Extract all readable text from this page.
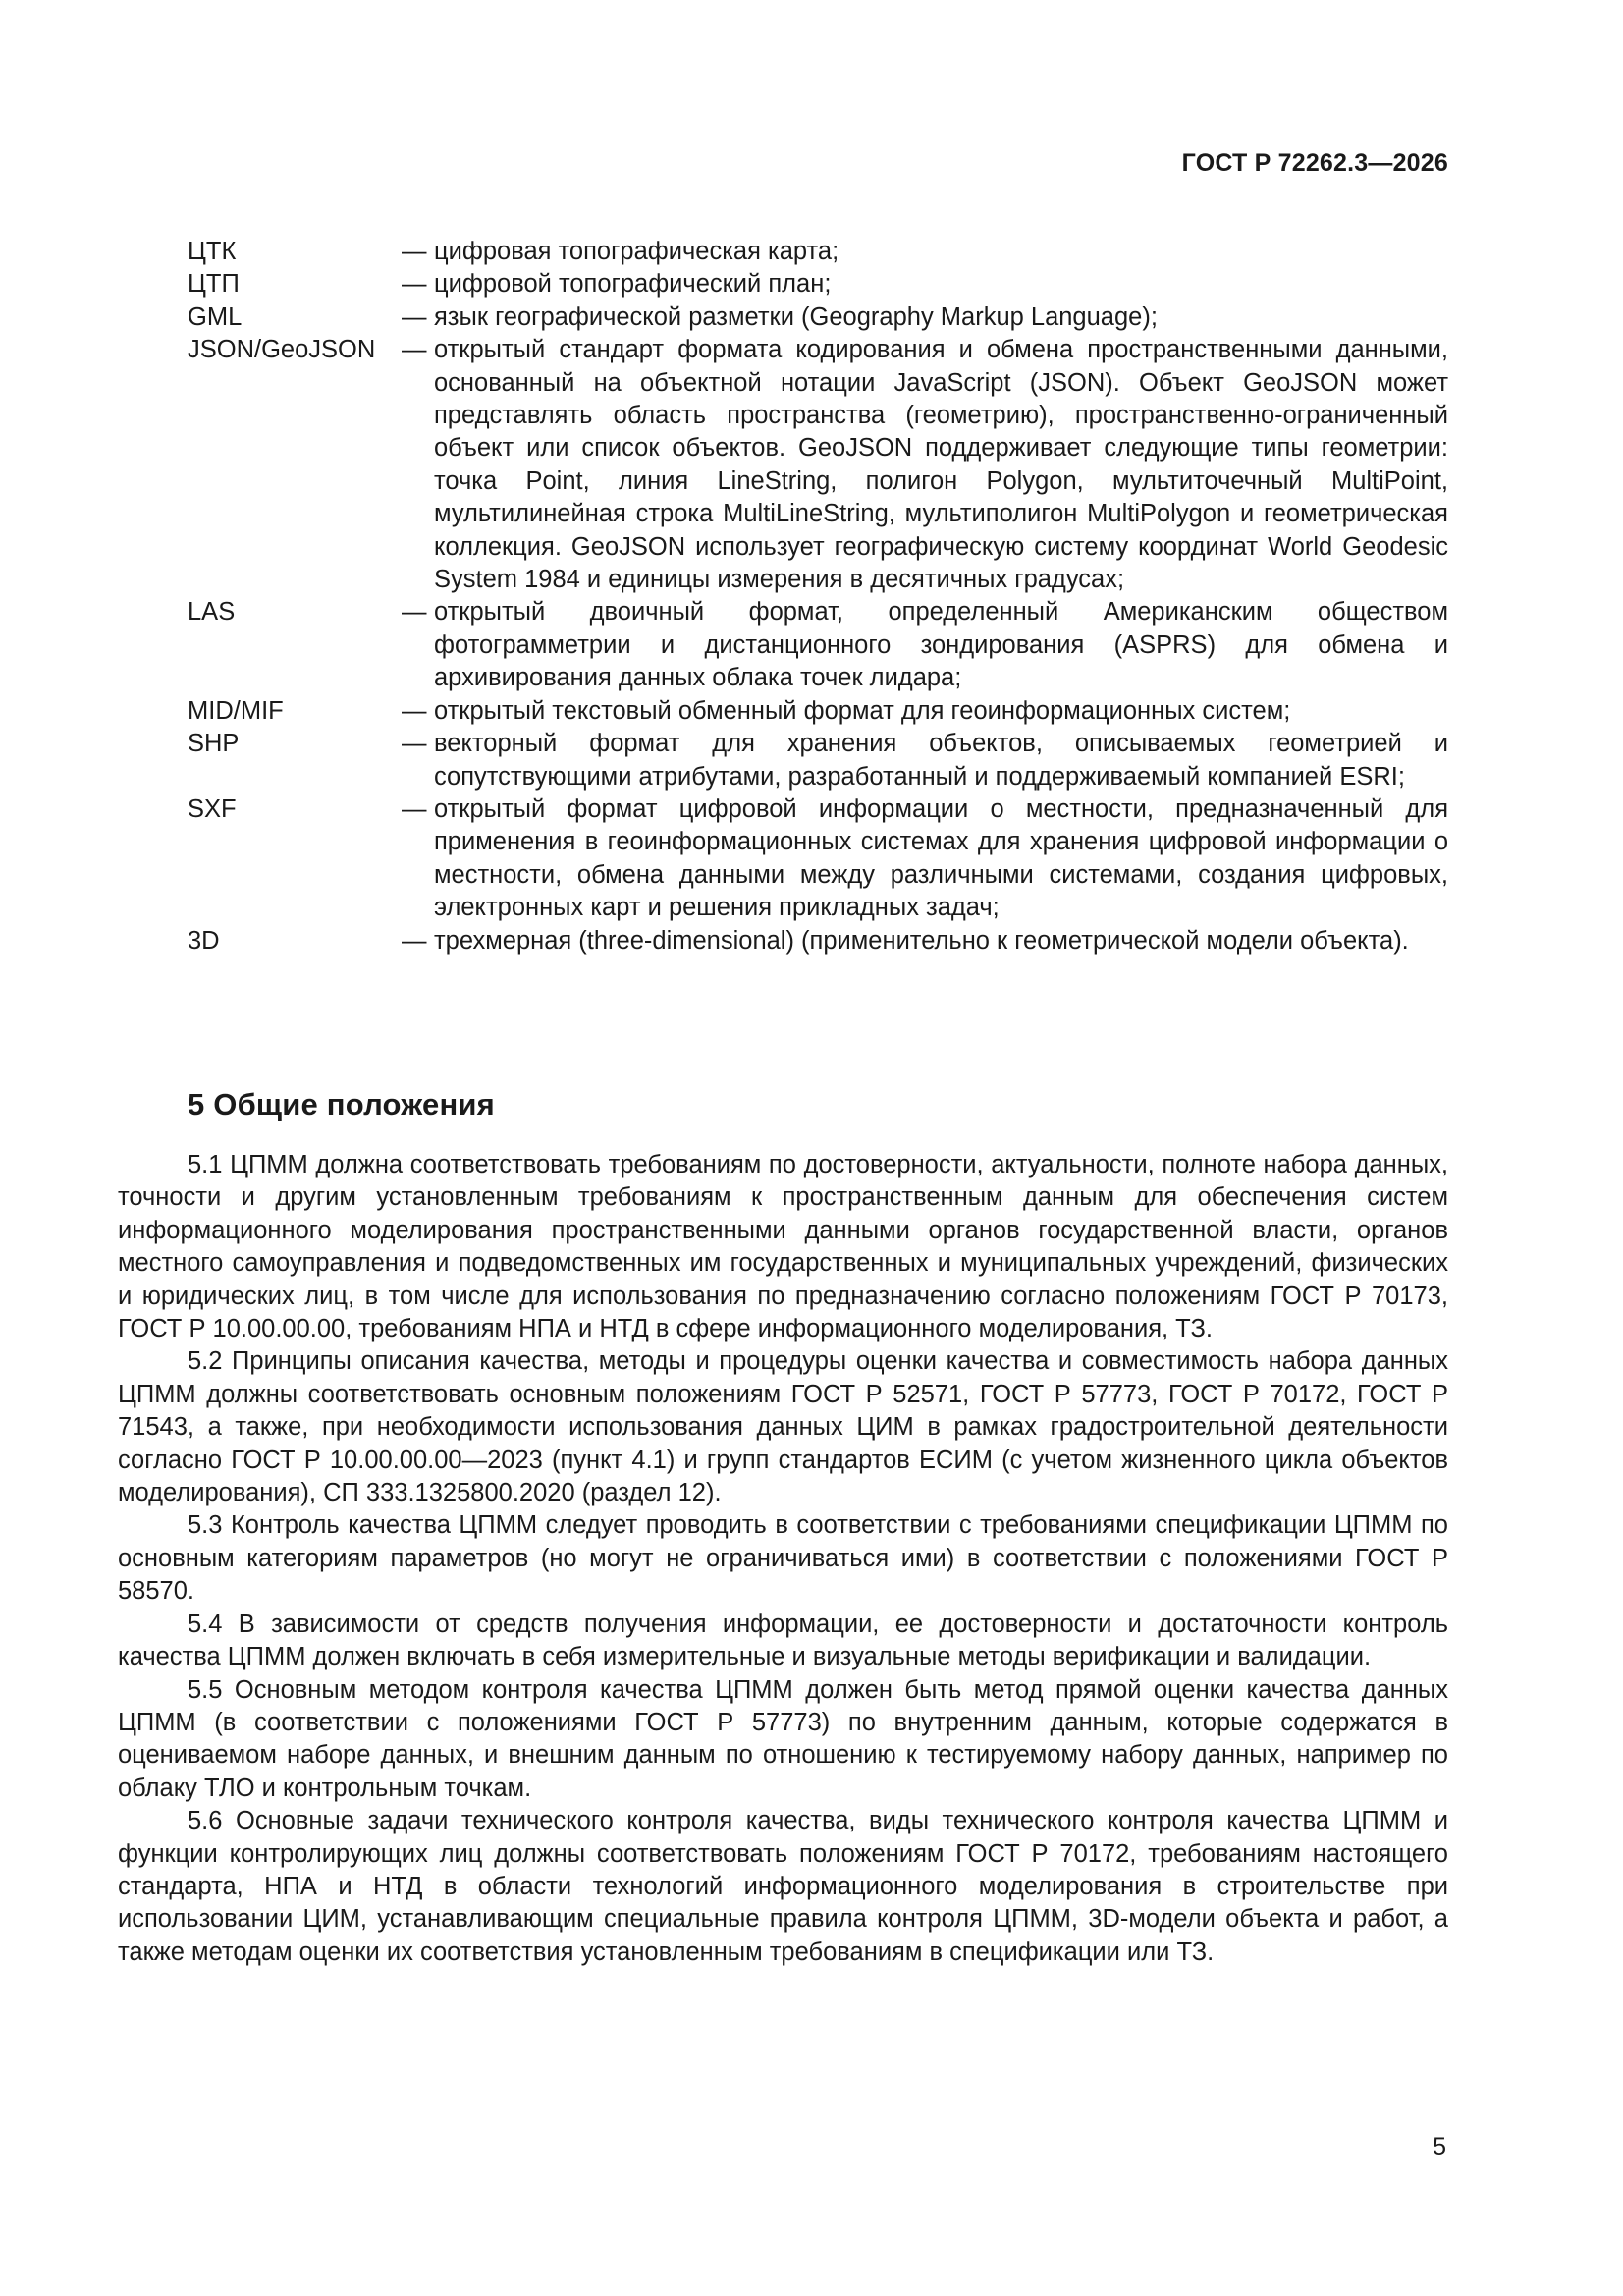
ГОСТ Р 72262.3—2026
ЦТК	— цифровая топографическая карта;
ЦТП	— цифровой топографический план;
GML	— язык географической разметки (Geography Markup Language);
JSON/GeoJSON	— открытый стандарт формата кодирования и обмена пространственными данными, основанный на объектной нотации JavaScript (JSON). Объект GeoJSON может представлять область пространства (геометрию), пространственно-ограниченный объект или список объектов. GeoJSON поддерживает следующие типы геометрии: точка Point, линия LineString, полигон Polygon, мультиточечный MultiPoint, мультилинейная строка MultiLineString, мультиполигон MultiPolygon и геометрическая коллекция. GeoJSON использует географическую систему координат World Geodesic System 1984 и единицы измерения в десятичных градусах;
LAS	— открытый двоичный формат, определенный Американским обществом фотограмметрии и дистанционного зондирования (ASPRS) для обмена и архивирования данных облака точек лидара;
MID/MIF	— открытый текстовый обменный формат для геоинформационных систем;
SHP	— векторный формат для хранения объектов, описываемых геометрией и сопутствующими атрибутами, разработанный и поддерживаемый компанией ESRI;
SXF	— открытый формат цифровой информации о местности, предназначенный для применения в геоинформационных системах для хранения цифровой информации о местности, обмена данными между различными системами, создания цифровых, электронных карт и решения прикладных задач;
3D	— трехмерная (three-dimensional) (применительно к геометрической модели объекта).
5 Общие положения

5.1 ЦПММ должна соответствовать требованиям по достоверности, актуальности, полноте набора данных, точности и другим установленным требованиям к пространственным данным для обеспечения систем информационного моделирования пространственными данными органов государственной власти, органов местного самоуправления и подведомственных им государственных и муниципальных учреждений, физических и юридических лиц, в том числе для использования по предназначению согласно положениям ГОСТ Р 70173, ГОСТ Р 10.00.00.00, требованиям НПА и НТД в сфере информационного моделирования, ТЗ.

5.2 Принципы описания качества, методы и процедуры оценки качества и совместимость набора данных ЦПММ должны соответствовать основным положениям ГОСТ Р 52571, ГОСТ Р 57773, ГОСТ Р 70172, ГОСТ Р 71543, а также, при необходимости использования данных ЦИМ в рамках градостроительной деятельности согласно ГОСТ Р 10.00.00.00—2023 (пункт 4.1) и групп стандартов ЕСИМ (с учетом жизненного цикла объектов моделирования), СП 333.1325800.2020 (раздел 12).

5.3 Контроль качества ЦПММ следует проводить в соответствии с требованиями спецификации ЦПММ по основным категориям параметров (но могут не ограничиваться ими) в соответствии с положениями ГОСТ Р 58570.

5.4 В зависимости от средств получения информации, ее достоверности и достаточности контроль качества ЦПММ должен включать в себя измерительные и визуальные методы верификации и валидации.

5.5 Основным методом контроля качества ЦПММ должен быть метод прямой оценки качества данных ЦПММ (в соответствии с положениями ГОСТ Р 57773) по внутренним данным, которые содержатся в оцениваемом наборе данных, и внешним данным по отношению к тестируемому набору данных, например по облаку ТЛО и контрольным точкам.

5.6 Основные задачи технического контроля качества, виды технического контроля качества ЦПММ и функции контролирующих лиц должны соответствовать положениям ГОСТ Р 70172, требованиям настоящего стандарта, НПА и НТД в области технологий информационного моделирования в строительстве при использовании ЦИМ, устанавливающим специальные правила контроля ЦПММ, 3D-модели объекта и работ, а также методам оценки их соответствия установленным требованиям в спецификации или ТЗ.

5
